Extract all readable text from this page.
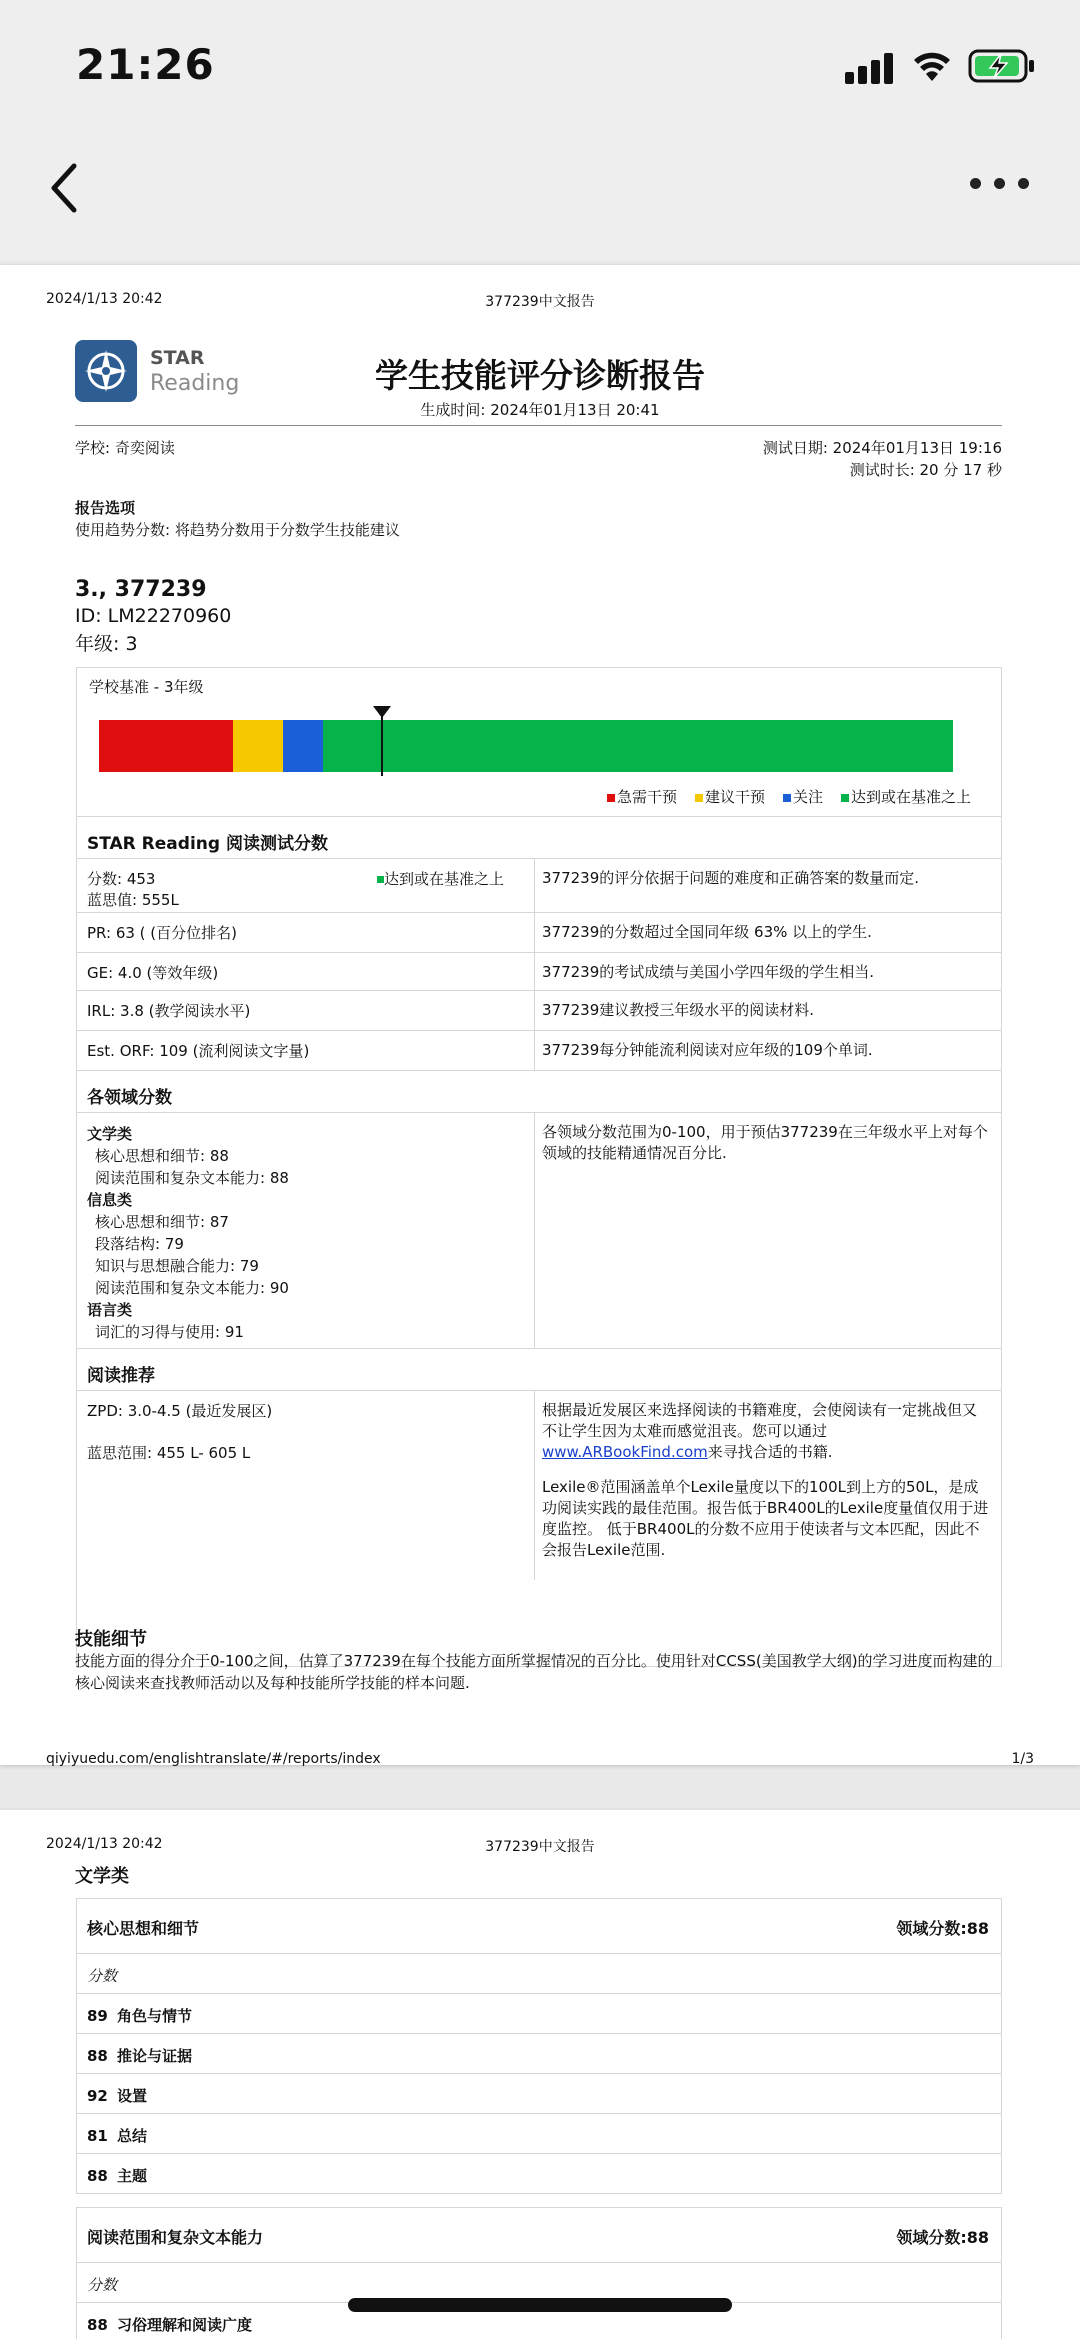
21:26
2024/1/13 20:42	377239中文报告
STAR
Reading	学生技能评分诊断报告
生成时间: 2024年01月13日 20:41
学校: 奇奕阅读	测试日期: 2024年01月13日 19:16
测试时长: 20 分 17 秒
报告选项
使用趋势分数: 将趋势分数用于分数学生技能建议
3., 377239
ID: LM22270960
年级: 3
学校基准 - 3年级
急需干预	建议干预	关注	达到或在基准之上
STAR Reading 阅读测试分数
分数: 453
蓝思值: 555L
达到或在基准之上	377239的评分依据于问题的难度和正确答案的数量而定.
PR: 63 ( (百分位排名)	377239的分数超过全国同年级 63% 以上的学生.
GE: 4.0 (等效年级)	377239的考试成绩与美国小学四年级的学生相当.
IRL: 3.8 (教学阅读水平)	377239建议教授三年级水平的阅读材料.
Est. ORF: 109 (流利阅读文字量)	377239每分钟能流利阅读对应年级的109个单词.
各领域分数
文学类
核心思想和细节: 88
阅读范围和复杂文本能力: 88
信息类
核心思想和细节: 87
段落结构: 79
知识与思想融合能力: 79
阅读范围和复杂文本能力: 90
语言类
词汇的习得与使用: 91
各领域分数范围为0-100，用于预估377239在三年级水平上对每个领域的技能精通情况百分比.
阅读推荐
ZPD: 3.0-4.5 (最近发展区)
蓝思范围: 455 L- 605 L
根据最近发展区来选择阅读的书籍难度，会使阅读有一定挑战但又不让学生因为太难而感觉沮丧。您可以通过www.ARBookFind.com来寻找合适的书籍.
Lexile®范围涵盖单个Lexile量度以下的100L到上方的50L，是成功阅读实践的最佳范围。报告低于BR400L的Lexile度量值仅用于进度监控。 低于BR400L的分数不应用于使读者与文本匹配，因此不会报告Lexile范围.
技能细节
技能方面的得分介于0-100之间，估算了377239在每个技能方面所掌握情况的百分比。使用针对CCSS(美国教学大纲)的学习进度而构建的核心阅读来查找教师活动以及每种技能所学技能的样本问题.
qiyiyuedu.com/englishtranslate/#/reports/index	1/3
2024/1/13 20:42	377239中文报告
文学类
核心思想和细节	领域分数:88
分数
89 角色与情节
88 推论与证据
92 设置
81 总结
88 主题
阅读范围和复杂文本能力	领域分数:88
分数
88 习俗理解和阅读广度
